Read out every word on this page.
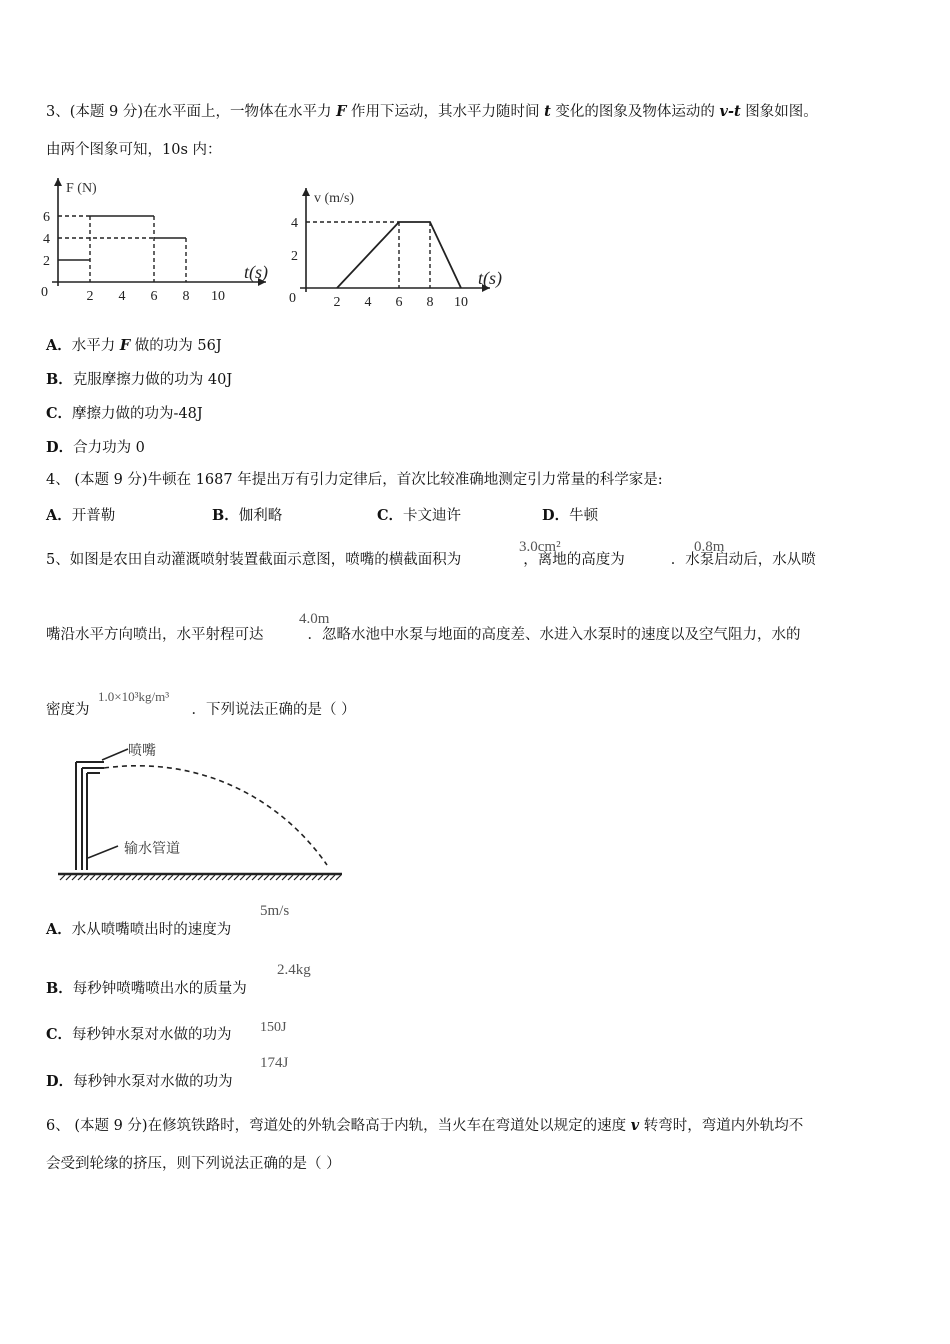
3、(本题 9 分)在水平面上，一物体在水平力 F 作用下运动，其水平力随时间 t 变化的图象及物体运动的 v-t 图象如图。
由两个图象可知，10s 内：
F (N)
t(s)
2 4 6 8 10
0
2
4
6
v (m/s)
t(s)
2 4 6 8 10
0
2
4
A．水平力 F 做的功为 56J
B．克服摩擦力做的功为 40J
C．摩擦力做的功为-48J
D．合力功为 0
4、 (本题 9 分)牛顿在 1687 年提出万有引力定律后，首次比较准确地测定引力常量的科学家是:
A．开普勒	B．伽利略	C．卡文迪许	D．牛顿
5、如图是农田自动灌溉喷射装置截面示意图，喷嘴的横截面积为	，离地的高度为	．水泵启动后，水从喷
3.0cm²	0.8m
嘴沿水平方向喷出，水平射程可达	．忽略水池中水泵与地面的高度差、水进入水泵时的速度以及空气阻力，水的
4.0m
密度为	．下列说法正确的是（ ）
1.0×10³kg/m³
喷嘴
输水管道
A．水从喷嘴喷出时的速度为
5m/s
B．每秒钟喷嘴喷出水的质量为
2.4kg
C．每秒钟水泵对水做的功为 150J
D．每秒钟水泵对水做的功为
174J
6、 (本题 9 分)在修筑铁路时，弯道处的外轨会略高于内轨，当火车在弯道处以规定的速度 v 转弯时，弯道内外轨均不
会受到轮缘的挤压，则下列说法正确的是（ ）
